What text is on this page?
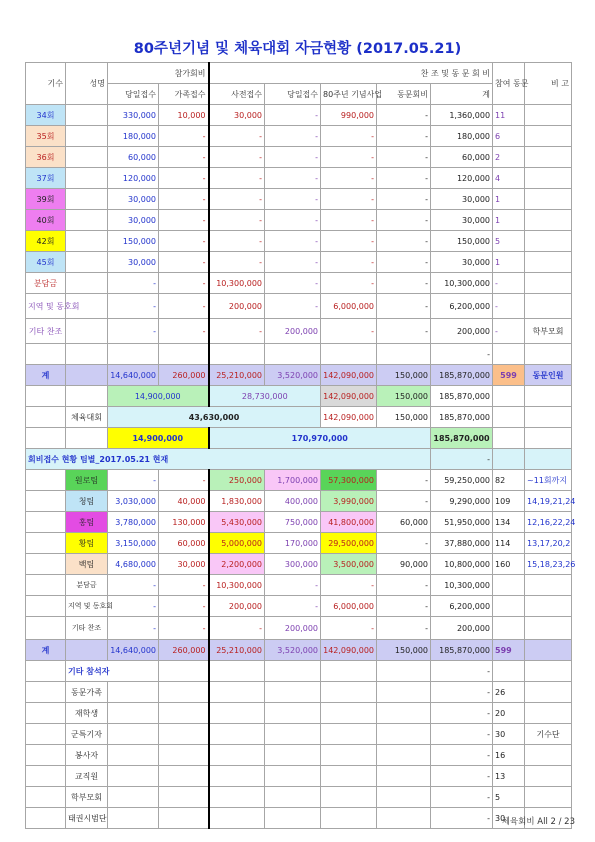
80주년기념 및 체육대회 자금현황 (2017.05.21)
기수	성명	참가회비		찬 조 및 동 문 회 비					참여 동문	비 고
		당일접수	가족접수	사전접수	당일접수	80주년 기념사업	동문회비	계		
34회		330,000	10,000	30,000	-	990,000	-	1,360,000	11	
35회		180,000	-	-	-	-	-	180,000	6	
36회		60,000	-	-	-	-	-	60,000	2	
37회		120,000	-	-	-	-	-	120,000	4	
39회		30,000	-	-	-	-	-	30,000	1	
40회		30,000	-	-	-	-	-	30,000	1	
42회		150,000	-	-	-	-	-	150,000	5	
45회		30,000	-	-	-	-	-	30,000	1	
분담금		-	-	10,300,000	-	-	-	10,300,000	-	
지역 및 동호회		-	-	200,000	-	6,000,000	-	6,200,000	-	
기타 찬조		-	-	-	200,000	-	-	200,000	-	학부모회
								-		
계		14,640,000	260,000	25,210,000	3,520,000	142,090,000	150,000	185,870,000	599	동문인원
		14,900,000		28,730,000		142,090,000	150,000	185,870,000		
	체육대회	43,630,000				142,090,000	150,000	185,870,000		
		14,900,000		170,970,000				185,870,000		
회비접수 현황 팀별_2017.05.21 현재								-		
	원로팀	-	-	250,000	1,700,000	57,300,000	-	59,250,000	82	~11회까지
	청팀	3,030,000	40,000	1,830,000	400,000	3,990,000	-	9,290,000	109	14,19,21,24
	홍팀	3,780,000	130,000	5,430,000	750,000	41,800,000	60,000	51,950,000	134	12,16,22,24
	황팀	3,150,000	60,000	5,000,000	170,000	29,500,000	-	37,880,000	114	13,17,20,2
	백팀	4,680,000	30,000	2,200,000	300,000	3,500,000	90,000	10,800,000	160	15,18,23,26
	분담금	-	-	10,300,000	-	-	-	10,300,000		
	지역 및 동호회	-	-	200,000	-	6,000,000	-	6,200,000		
	기타 찬조	-	-	-	200,000	-	-	200,000		
계		14,640,000	260,000	25,210,000	3,520,000	142,090,000	150,000	185,870,000	599	
	기타 참석자							-		
	동문가족							-	26	
	재학생							-	20	
	군특기자							-	30	기수단
	봉사자							-	16	
	교직원							-	13	
	학부모회							-	5	
	태권시범단							-	30	
체육회비 All 2 / 23
